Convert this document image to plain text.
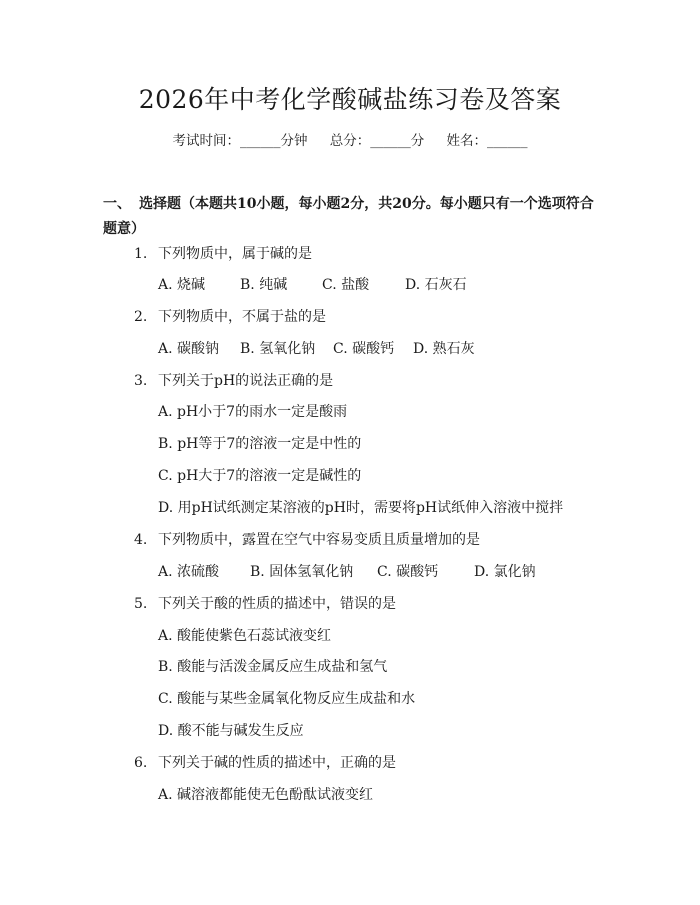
2026年中考化学酸碱盐练习卷及答案
考试时间：______分钟 总分：______分 姓名：______
一、 选择题（本题共10小题，每小题2分，共20分。每小题只有一个选项符合题意）
1. 下列物质中，属于碱的是
A. 烧碱 B. 纯碱 C. 盐酸	D. 石灰石
2. 下列物质中，不属于盐的是
A. 碳酸钠 B. 氢氧化钠 C. 碳酸钙 D. 熟石灰
3. 下列关于pH的说法正确的是
A. pH小于7的雨水一定是酸雨
B. pH等于7的溶液一定是中性的
C. pH大于7的溶液一定是碱性的
D. 用pH试纸测定某溶液的pH时，需要将pH试纸伸入溶液中搅拌
4. 下列物质中，露置在空气中容易变质且质量增加的是
A. 浓硫酸 B. 固体氢氧化钠 C. 碳酸钙	D. 氯化钠
5. 下列关于酸的性质的描述中，错误的是
A. 酸能使紫色石蕊试液变红
B. 酸能与活泼金属反应生成盐和氢气
C. 酸能与某些金属氧化物反应生成盐和水
D. 酸不能与碱发生反应
6. 下列关于碱的性质的描述中，正确的是
A. 碱溶液都能使无色酚酞试液变红
